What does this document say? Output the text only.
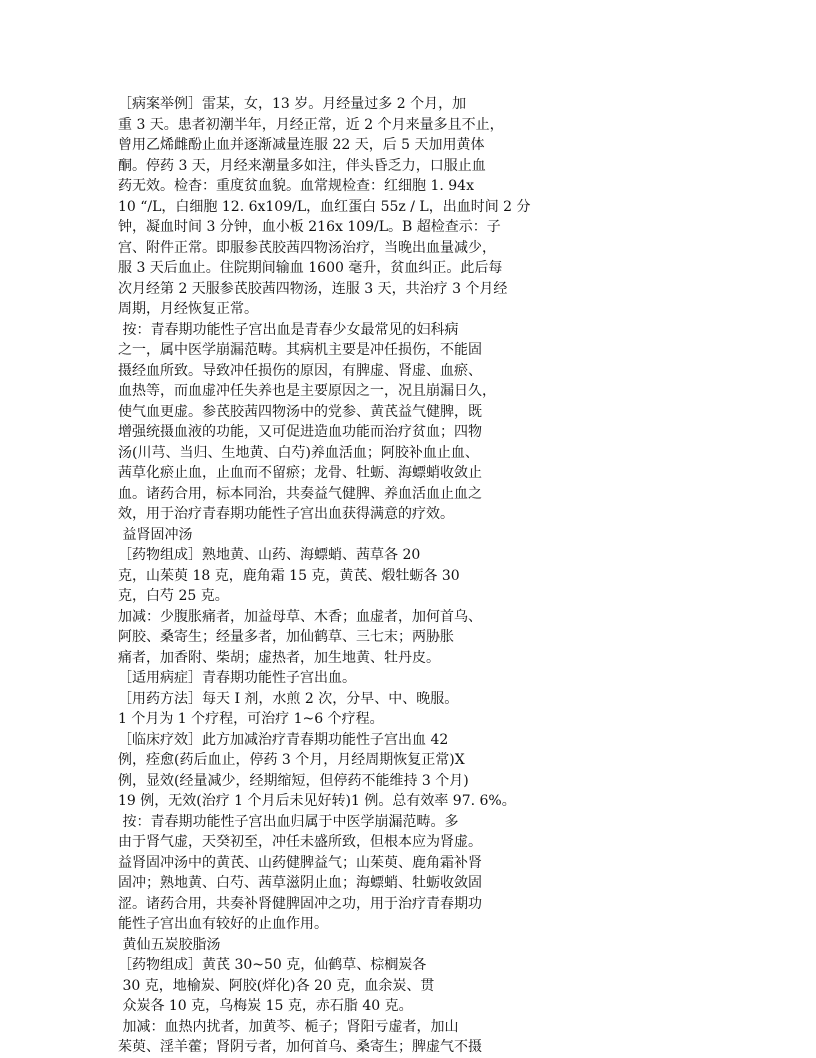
［病案举例］雷某，女，13 岁。月经量过多 2 个月，加
重 3 天。患者初潮半年，月经正常，近 2 个月来量多且不止，
曾用乙烯雌酚止血并逐渐减量连服 22 天，后 5 天加用黄体
酮。停药 3 天，月经来潮量多如注，伴头昏乏力，口服止血
药无效。检杳：重度贫血貌。血常规检查：红细胞 1. 94x
10 “/L，白细胞 12. 6x109/L，血红蛋白 55z / L，出血时间 2 分
钟，凝血时间 3 分钟，血小板 216x 109/L。B 超检查示：子
宫、附件正常。即服参芪胶茜四物汤治疗，当晚出血量减少，
服 3 天后血止。住院期间输血 1600 毫升，贫血纠正。此后每
次月经第 2 天服参芪胶茜四物汤，连服 3 天，共治疗 3 个月经
周期，月经恢复正常。
按：青春期功能性子宫出血是青春少女最常见的妇科病
之一，属中医学崩漏范畴。其病机主要是冲任损伤，不能固
摄经血所致。导致冲任损伤的原因，有脾虚、肾虚、血瘀、
血热等，而血虚冲任失养也是主要原因之一，况且崩漏日久，
使气血更虚。参芪胶茜四物汤中的党参、黄芪益气健脾，既
增强统摄血液的功能，又可促进造血功能而治疗贫血；四物
汤(川芎、当归、生地黄、白芍)养血活血；阿胶补血止血、
茜草化瘀止血，止血而不留瘀；龙骨、牡蛎、海螵蛸收敛止
血。诸药合用，标本同治，共奏益气健脾、养血活血止血之
效，用于治疗青春期功能性子宫出血获得满意的疗效。
益肾固冲汤
［药物组成］熟地黄、山药、海螵蛸、茜草各 20
克，山茱萸 18 克，鹿角霜 15 克，黄芪、煅牡蛎各 30
克，白芍 25 克。
加减：少腹胀痛者，加益母草、木香；血虚者，加何首乌、
阿胶、桑寄生；经量多者，加仙鹤草、三七末；两胁胀
痛者，加香附、柴胡；虚热者，加生地黄、牡丹皮。
［适用病症］青春期功能性子宫出血。
［用药方法］每天 I 剂，水煎 2 次，分早、中、晚服。
1 个月为 1 个疗程，可治疗 1~6 个疗程。
［临床疗效］此方加减治疗青春期功能性子宫出血 42
例，痊愈(药后血止，停药 3 个月，月经周期恢复正常)X
例，显效(经量减少，经期缩短，但停药不能维持 3 个月)
19 例，无效(治疗 1 个月后未见好转)1 例。总有效率 97. 6%。
按：青春期功能性子宫出血归属于中医学崩漏范畴。多
由于肾气虚，天癸初至，冲任未盛所致，但根本应为肾虚。
益肾固冲汤中的黄芪、山药健脾益气；山茱萸、鹿角霜补肾
固冲；熟地黄、白芍、茜草滋阴止血；海螵蛸、牡蛎收敛固
涩。诸药合用，共奏补肾健脾固冲之功，用于治疗青春期功
能性子宫出血有较好的止血作用。
黄仙五炭胶脂汤
［药物组成］黄芪 30~50 克，仙鹤草、棕榈炭各
30 克，地榆炭、阿胶(烊化)各 20 克，血余炭、贯
众炭各 10 克，乌梅炭 15 克，赤石脂 40 克。
加减：血热内扰者，加黄芩、栀子；肾阳亏虚者，加山
茱萸、淫羊藿；肾阴亏者，加何首乌、桑寄生；脾虚气不摄
